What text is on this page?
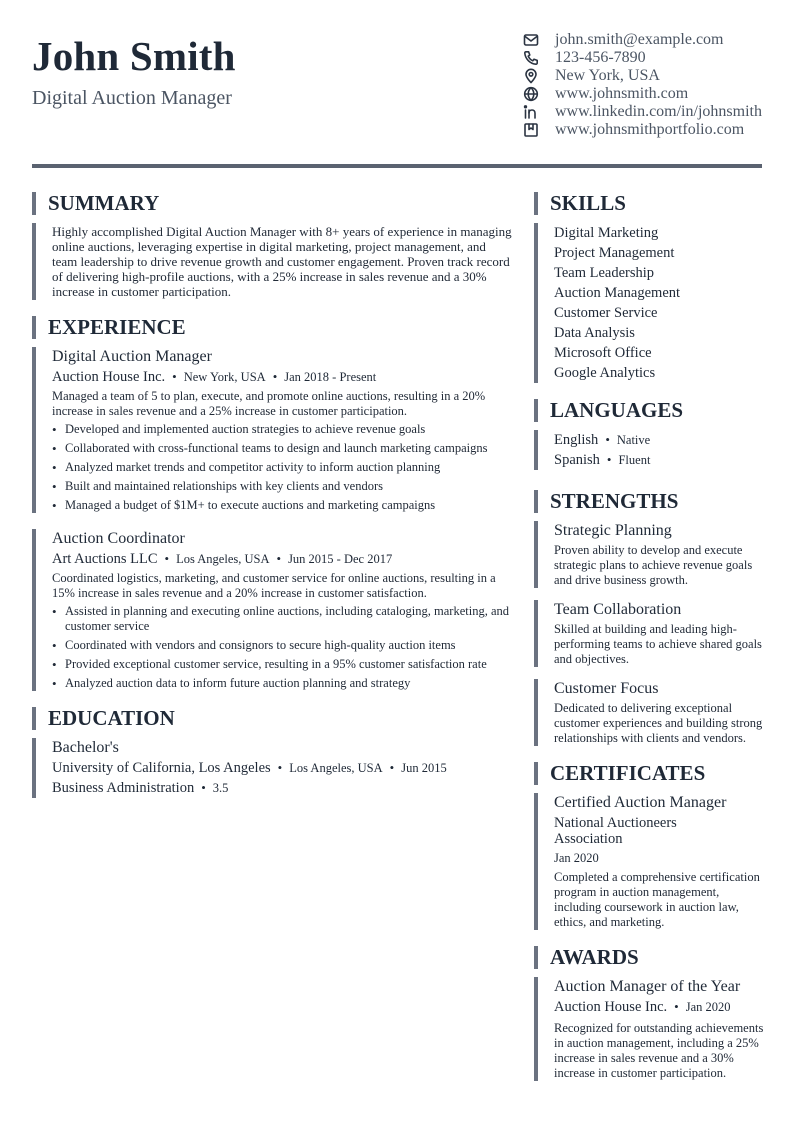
John Smith
Digital Auction Manager
john.smith@example.com
123-456-7890
New York, USA
www.johnsmith.com
www.linkedin.com/in/johnsmith
www.johnsmithportfolio.com
SUMMARY
Highly accomplished Digital Auction Manager with 8+ years of experience in managing online auctions, leveraging expertise in digital marketing, project management, and team leadership to drive revenue growth and customer engagement. Proven track record of delivering high-profile auctions, with a 25% increase in sales revenue and a 30% increase in customer participation.
EXPERIENCE
Digital Auction Manager
Auction House Inc. • New York, USA • Jan 2018 - Present
Managed a team of 5 to plan, execute, and promote online auctions, resulting in a 20% increase in sales revenue and a 25% increase in customer participation.
• Developed and implemented auction strategies to achieve revenue goals
• Collaborated with cross-functional teams to design and launch marketing campaigns
• Analyzed market trends and competitor activity to inform auction planning
• Built and maintained relationships with key clients and vendors
• Managed a budget of $1M+ to execute auctions and marketing campaigns
Auction Coordinator
Art Auctions LLC • Los Angeles, USA • Jun 2015 - Dec 2017
Coordinated logistics, marketing, and customer service for online auctions, resulting in a 15% increase in sales revenue and a 20% increase in customer satisfaction.
• Assisted in planning and executing online auctions, including cataloging, marketing, and customer service
• Coordinated with vendors and consignors to secure high-quality auction items
• Provided exceptional customer service, resulting in a 95% customer satisfaction rate
• Analyzed auction data to inform future auction planning and strategy
EDUCATION
Bachelor's
University of California, Los Angeles • Los Angeles, USA • Jun 2015
Business Administration • 3.5
SKILLS
Digital Marketing
Project Management
Team Leadership
Auction Management
Customer Service
Data Analysis
Microsoft Office
Google Analytics
LANGUAGES
English • Native
Spanish • Fluent
STRENGTHS
Strategic Planning
Proven ability to develop and execute strategic plans to achieve revenue goals and drive business growth.
Team Collaboration
Skilled at building and leading high-performing teams to achieve shared goals and objectives.
Customer Focus
Dedicated to delivering exceptional customer experiences and building strong relationships with clients and vendors.
CERTIFICATES
Certified Auction Manager
National Auctioneers Association
Jan 2020
Completed a comprehensive certification program in auction management, including coursework in auction law, ethics, and marketing.
AWARDS
Auction Manager of the Year
Auction House Inc. • Jan 2020
Recognized for outstanding achievements in auction management, including a 25% increase in sales revenue and a 30% increase in customer participation.
